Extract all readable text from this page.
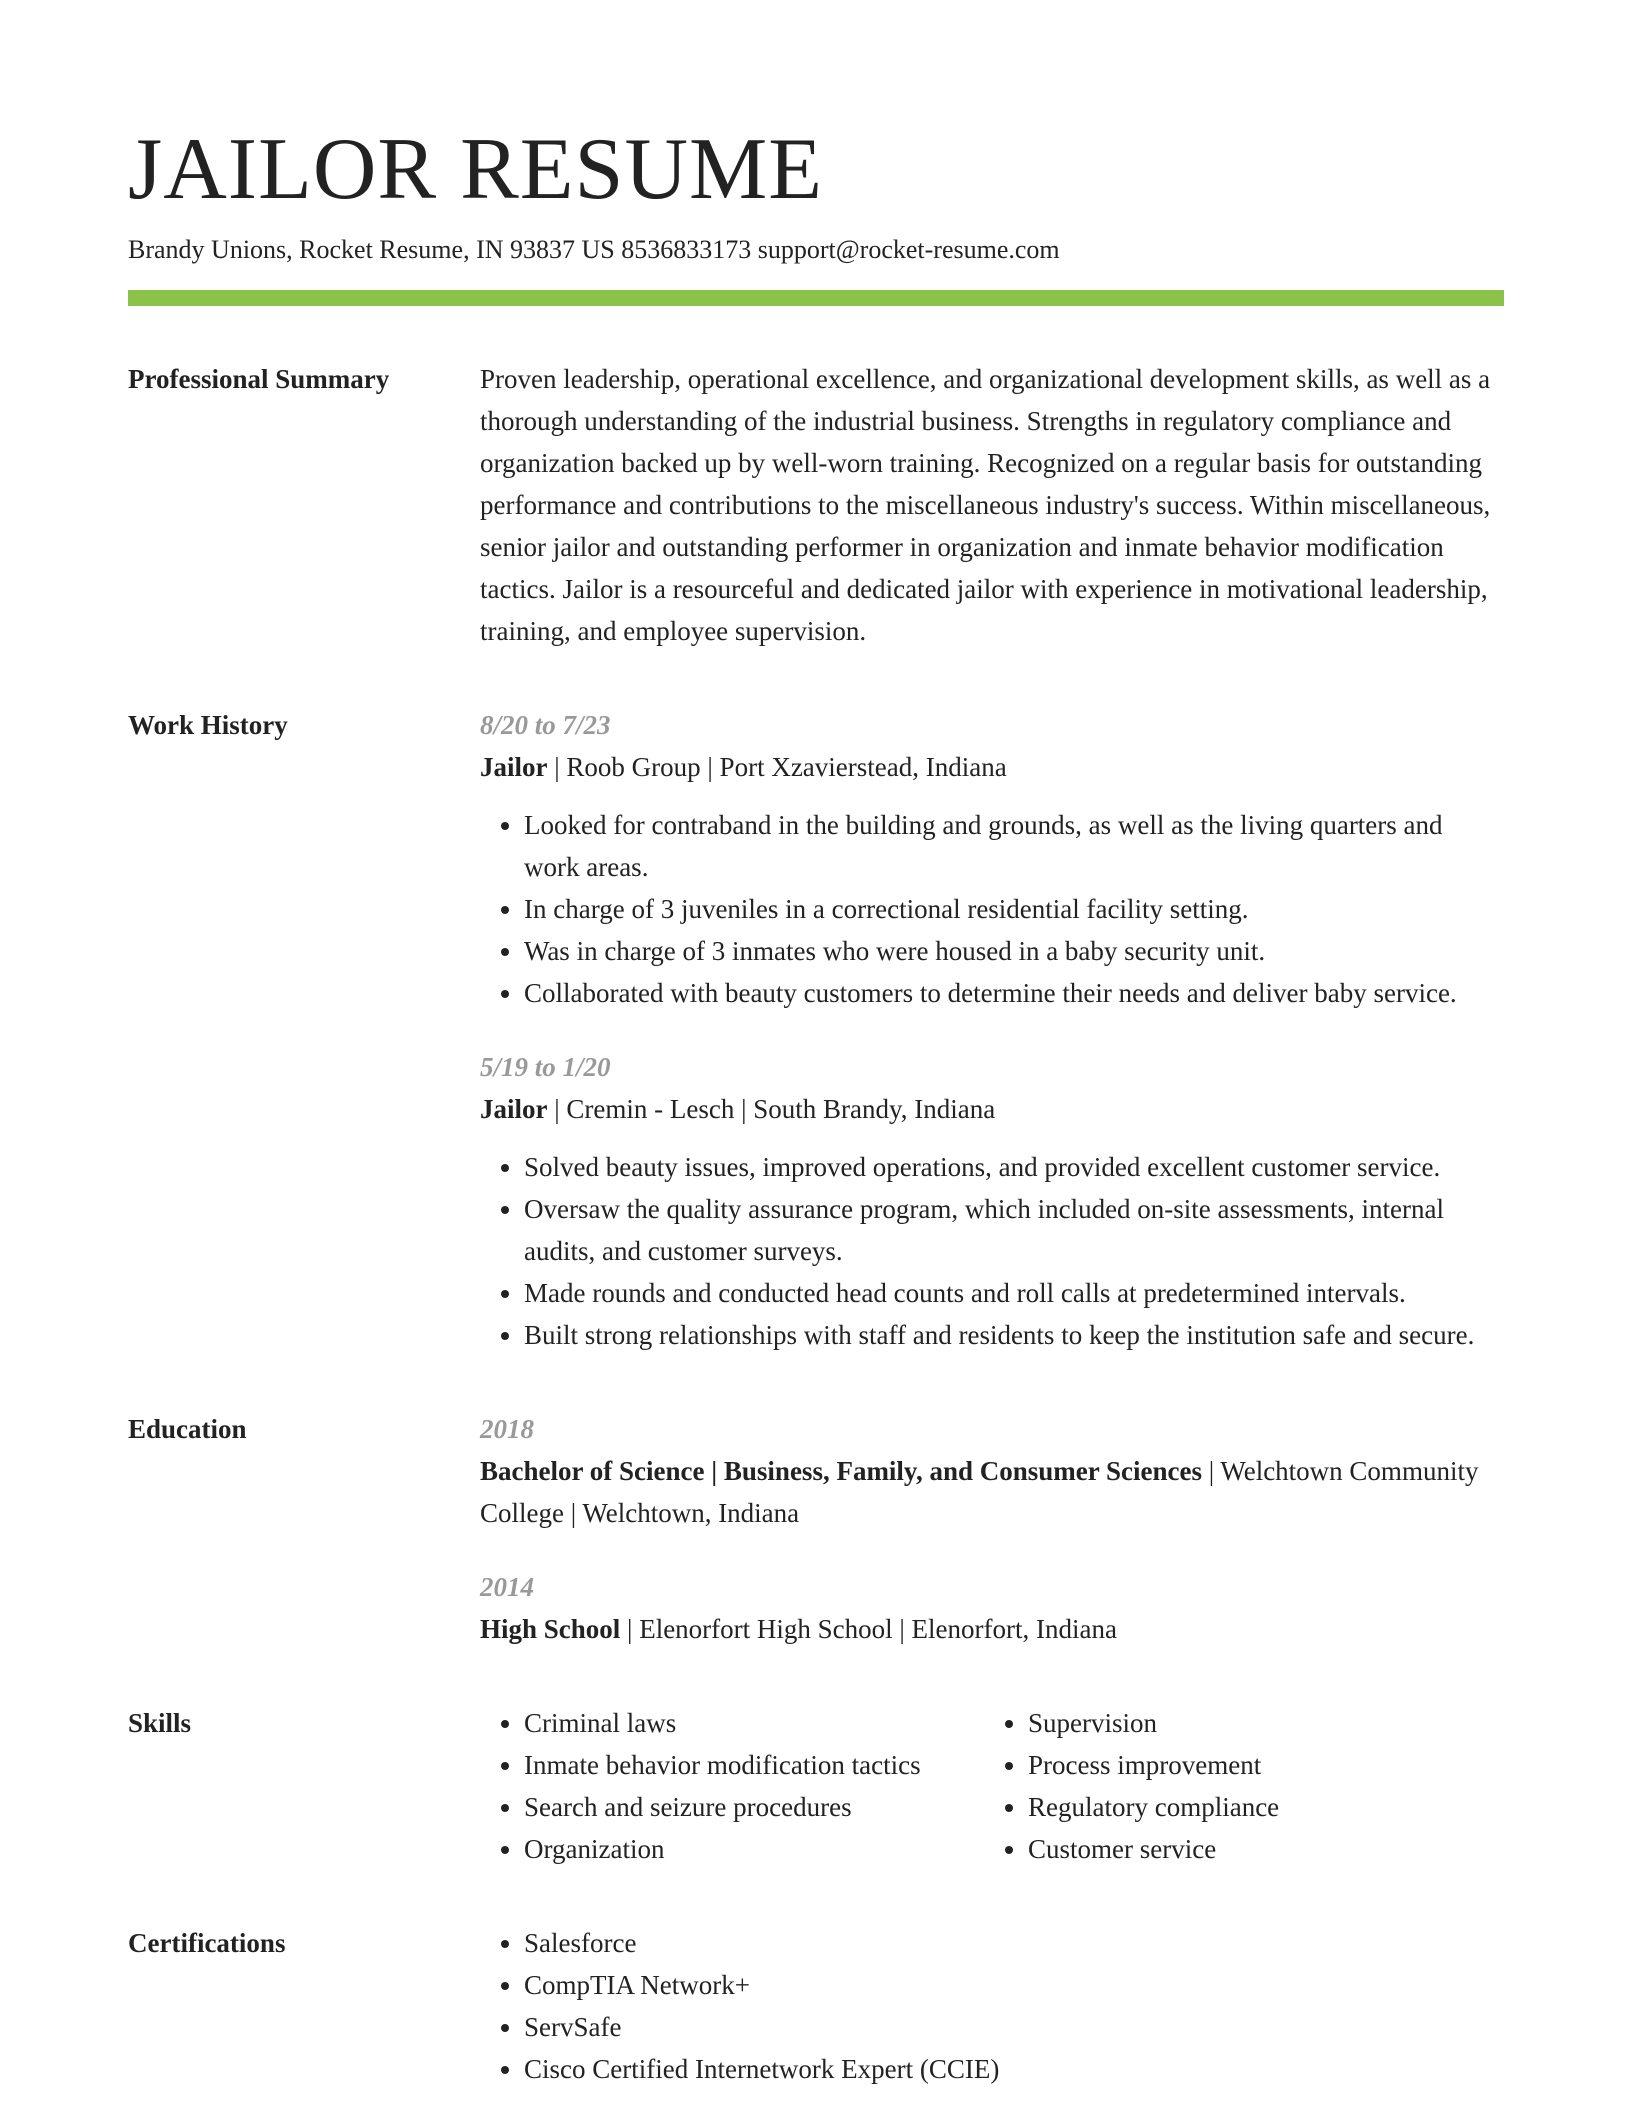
JAILOR RESUME
Brandy Unions, Rocket Resume, IN 93837 US 8536833173 support@rocket-resume.com
Professional Summary	Proven leadership, operational excellence, and organizational development skills, as well as a thorough understanding of the industrial business. Strengths in regulatory compliance and organization backed up by well-worn training. Recognized on a regular basis for outstanding performance and contributions to the miscellaneous industry's success. Within miscellaneous, senior jailor and outstanding performer in organization and inmate behavior modification tactics. Jailor is a resourceful and dedicated jailor with experience in motivational leadership, training, and employee supervision.

Work History	8/20 to 7/23
Jailor | Roob Group | Port Xzavierstead, Indiana
• Looked for contraband in the building and grounds, as well as the living quarters and work areas.
• In charge of 3 juveniles in a correctional residential facility setting.
• Was in charge of 3 inmates who were housed in a baby security unit.
• Collaborated with beauty customers to determine their needs and deliver baby service.
5/19 to 1/20
Jailor | Cremin - Lesch | South Brandy, Indiana
• Solved beauty issues, improved operations, and provided excellent customer service.
• Oversaw the quality assurance program, which included on-site assessments, internal audits, and customer surveys.
• Made rounds and conducted head counts and roll calls at predetermined intervals.
• Built strong relationships with staff and residents to keep the institution safe and secure.
Education	2018
Bachelor of Science | Business, Family, and Consumer Sciences | Welchtown Community College | Welchtown, Indiana
2014
High School | Elenorfort High School | Elenorfort, Indiana
Skills	• Criminal laws
• Inmate behavior modification tactics
• Search and seizure procedures
• Organization
• Supervision
• Process improvement
• Regulatory compliance
• Customer service
Certifications	• Salesforce
• CompTIA Network+
• ServSafe
• Cisco Certified Internetwork Expert (CCIE)
